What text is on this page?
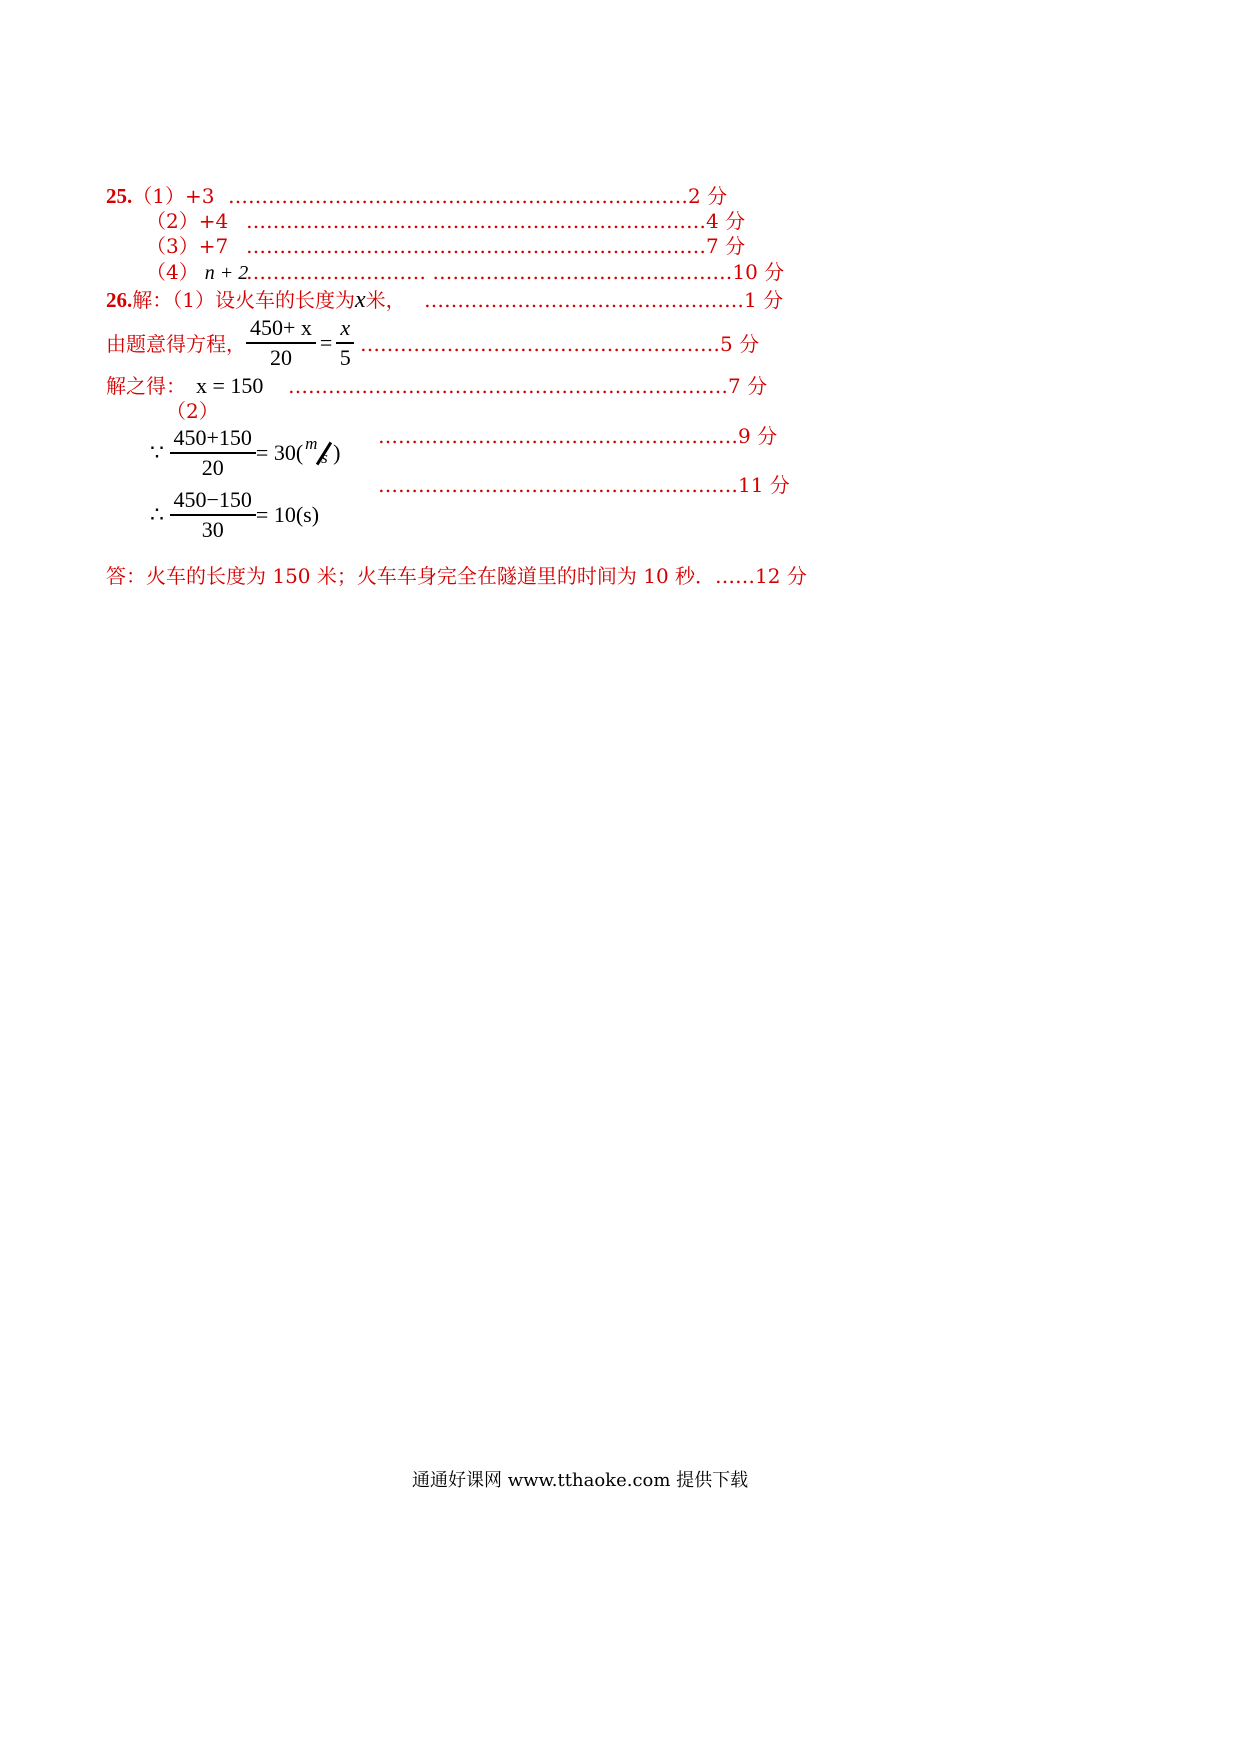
25.（1）+3 ……………………………………………………………2 分
（2）+4 ……………………………………………………………4 分
（3）+7 ……………………………………………………………7 分
（4） n + 2
……………………… ………………………………………10 分
26.解：（1）设火车的长度为x米， …………………………………………1 分
由题意得方程， $\frac{450+ x}{20} = \frac{x}{5}$ ………………………………………………5 分
解之得： x = 150 …………………………………………………………7 分
（2）
∵ $\frac{450+150}{20} = 30$( m
s )
………………………………………………9 分
∴ $\frac{450-150}{30} = 10(s)$
………………………………………………11 分
答：火车的长度为 150 米；火车车身完全在隧道里的时间为 10 秒．……12 分
通通好课网 www.tthaoke.com 提供下载
